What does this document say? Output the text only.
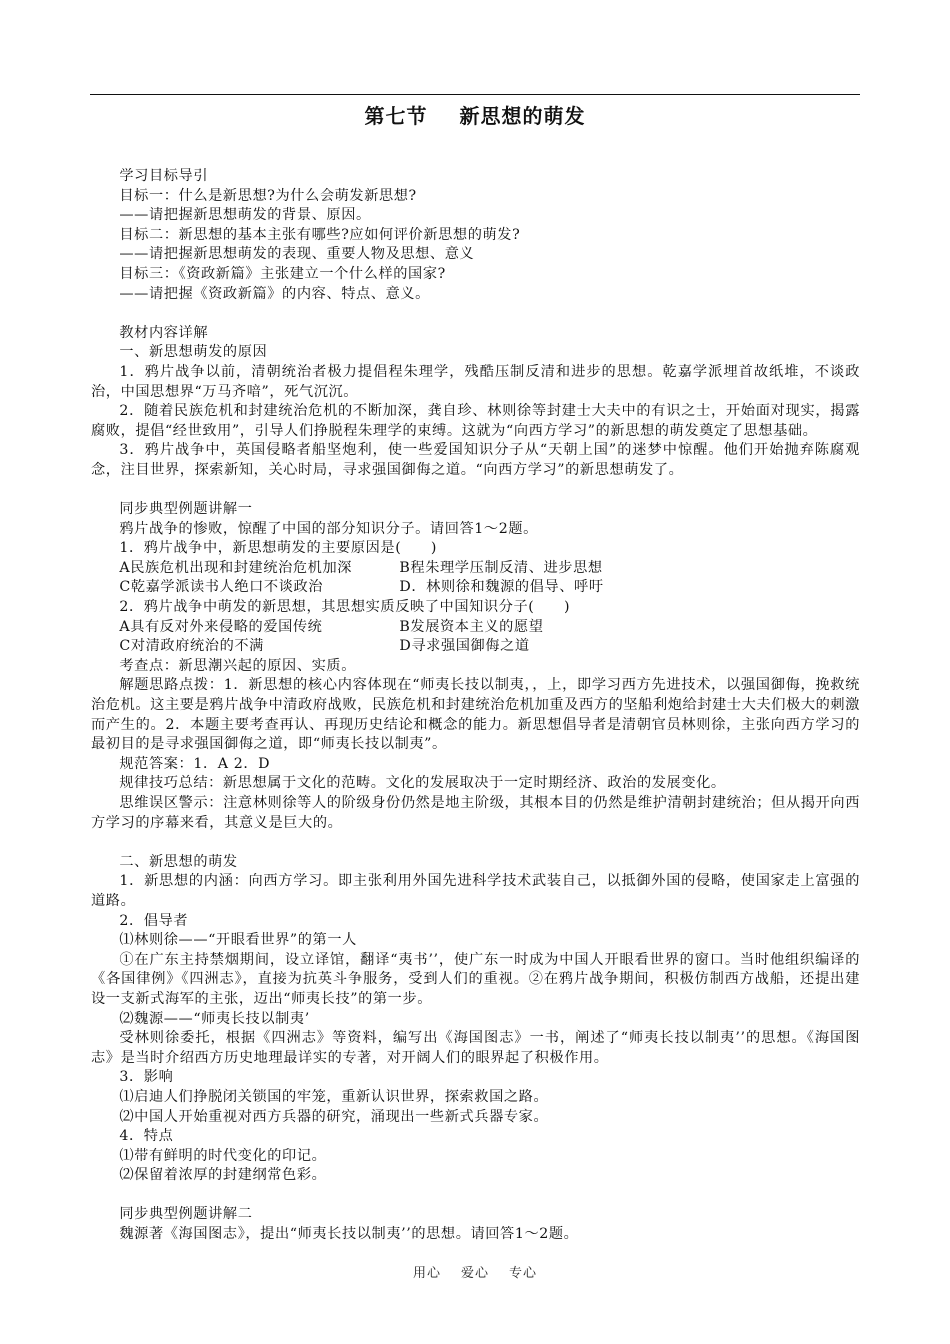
第七节 新思想的萌发

学习目标导引

目标一：什么是新思想?为什么会萌发新思想?

——请把握新思想萌发的背景、原因。

目标二：新思想的基本主张有哪些?应如何评价新思想的萌发?

——请把握新思想萌发的表现、重要人物及思想、意义

目标三：《资政新篇》主张建立一个什么样的国家?

——请把握《资政新篇》的内容、特点、意义。

教材内容详解

一、新思想萌发的原因

1．鸦片战争以前，清朝统治者极力提倡程朱理学，残酷压制反清和进步的思想。乾嘉学派埋首故纸堆，不谈政治，中国思想界“万马齐喑”，死气沉沉。

2．随着民族危机和封建统治危机的不断加深，龚自珍、林则徐等封建士大夫中的有识之士，开始面对现实，揭露腐败，提倡“经世致用”，引导人们挣脱程朱理学的束缚。这就为“向西方学习”的新思想的萌发奠定了思想基础。

3．鸦片战争中，英国侵略者船坚炮利，使一些爱国知识分子从“天朝上国”的迷梦中惊醒。他们开始抛弃陈腐观念，注目世界，探索新知，关心时局，寻求强国御侮之道。“向西方学习”的新思想萌发了。

同步典型例题讲解一

鸦片战争的惨败，惊醒了中国的部分知识分子。请回答1～2题。

1．鸦片战争中，新思想萌发的主要原因是(　　)

A民族危机出现和封建统治危机加深	B程朱理学压制反清、进步思想

C乾嘉学派读书人绝口不谈政治	D．林则徐和魏源的倡导、呼吁

2．鸦片战争中萌发的新思想，其思想实质反映了中国知识分子(　　)

A具有反对外来侵略的爱国传统	B发展资本主义的愿望

C对清政府统治的不满	D寻求强国御侮之道

考查点：新思潮兴起的原因、实质。

解题思路点拨：1．新思想的核心内容体现在“师夷长技以制夷，，上，即学习西方先进技术，以强国御侮，挽救统治危机。这主要是鸦片战争中清政府战败，民族危机和封建统治危机加重及西方的坚船利炮给封建士大夫们极大的刺激而产生的。2．本题主要考查再认、再现历史结论和概念的能力。新思想倡导者是清朝官员林则徐，主张向西方学习的最初目的是寻求强国御侮之道，即“师夷长技以制夷”。

规范答案：1．A 2．D

规律技巧总结：新思想属于文化的范畴。文化的发展取决于一定时期经济、政治的发展变化。

思维误区警示：注意林则徐等人的阶级身份仍然是地主阶级，其根本目的仍然是维护清朝封建统治；但从揭开向西方学习的序幕来看，其意义是巨大的。

二、新思想的萌发

1．新思想的内涵：向西方学习。即主张利用外国先进科学技术武装自己，以抵御外国的侵略，使国家走上富强的道路。

2．倡导者

⑴林则徐——“开眼看世界”的第一人

①在广东主持禁烟期间，设立译馆，翻译“夷书’’，使广东一时成为中国人开眼看世界的窗口。当时他组织编译的《各国律例》《四洲志》，直接为抗英斗争服务，受到人们的重视。②在鸦片战争期间，积极仿制西方战船，还提出建设一支新式海军的主张，迈出“师夷长技”的第一步。

⑵魏源——“师夷长技以制夷’

受林则徐委托，根据《四洲志》等资料，编写出《海国图志》一书，阐述了“师夷长技以制夷’’的思想。《海国图志》是当时介绍西方历史地理最详实的专著，对开阔人们的眼界起了积极作用。

3．影响

⑴启迪人们挣脱闭关锁国的牢笼，重新认识世界，探索救国之路。

⑵中国人开始重视对西方兵器的研究，涌现出一些新式兵器专家。

4．特点

⑴带有鲜明的时代变化的印记。

⑵保留着浓厚的封建纲常色彩。

同步典型例题讲解二

魏源著《海国图志》，提出“师夷长技以制夷’’的思想。请回答1～2题。

用心 爱心 专心
